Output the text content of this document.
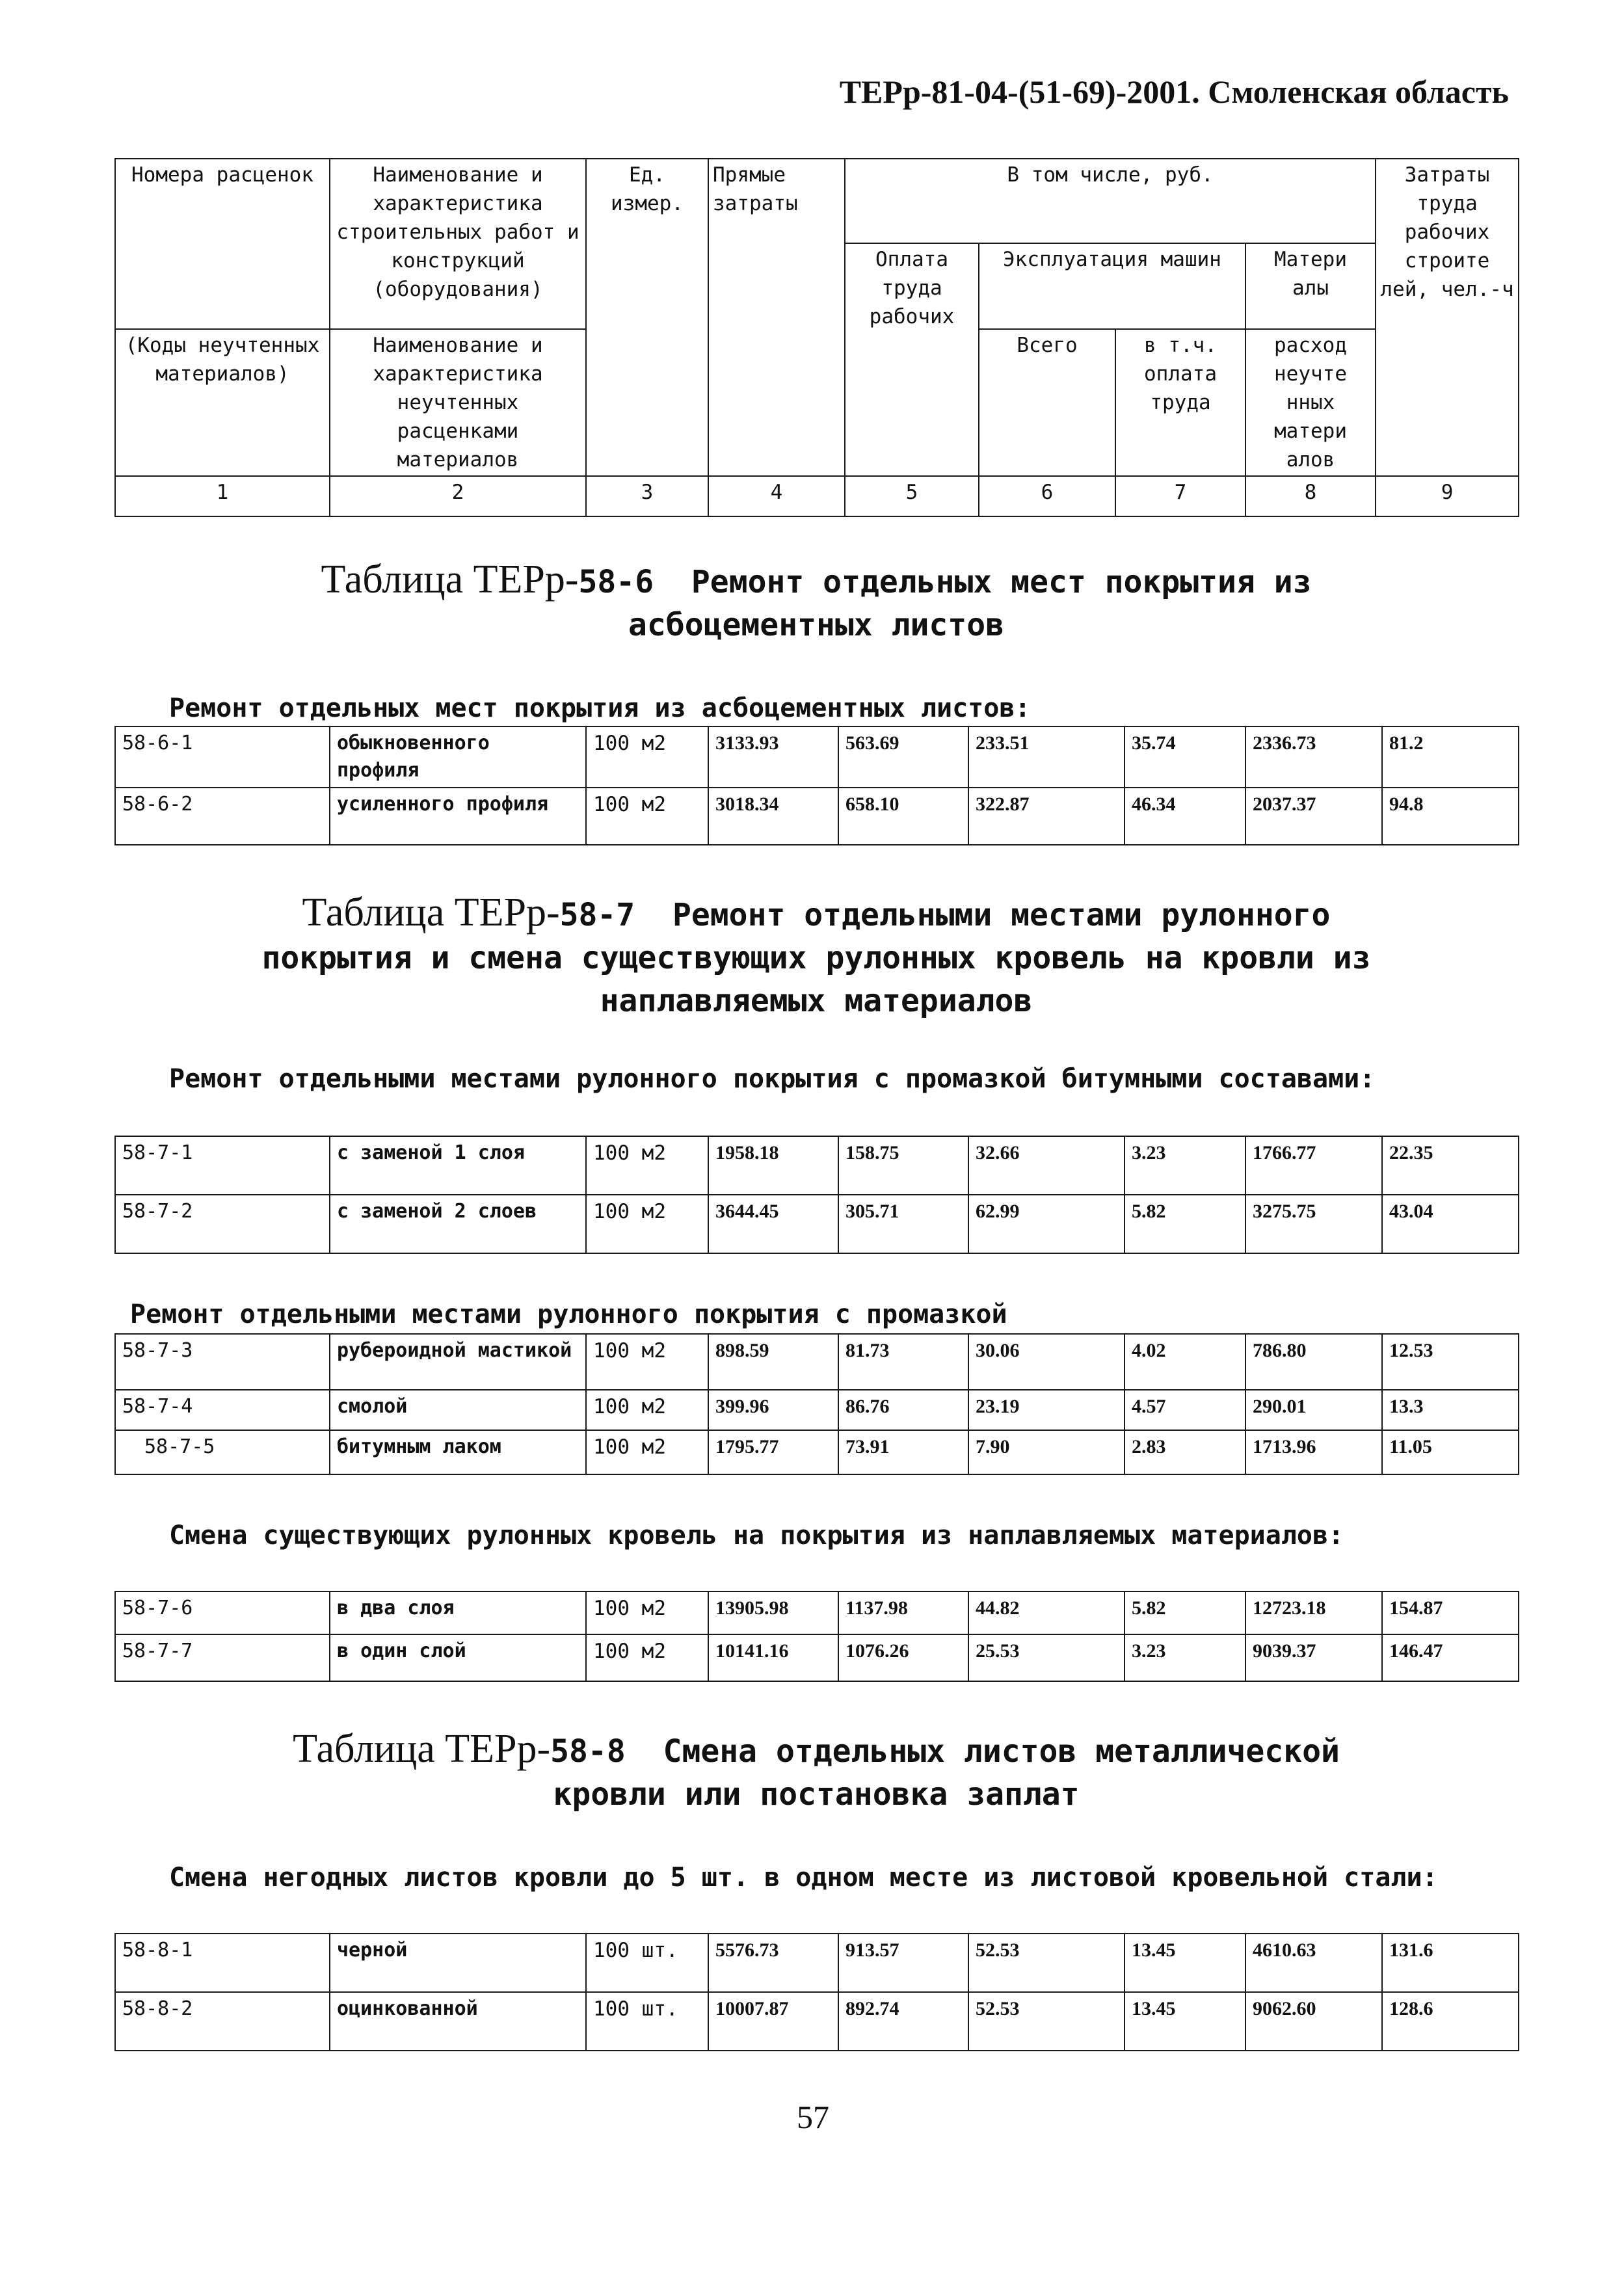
ТЕРр-81-04-(51-69)-2001. Смоленская область
Номера расценок	Наименование и характеристика строительных работ и конструкций (оборудования)	Ед. измер.	Прямые затраты	В том числе, руб.				Затраты труда рабочих строите лей, чел.-ч
				Оплата труда рабочих	Эксплуатация машин		Матери алы	
(Коды неучтенных материалов)	Наименование и характеристика неучтенных расценками материалов				Всего	в т.ч. оплата труда	расход неучте нных матери алов	
1	2	3	4	5	6	7	8	9
Таблица ТЕРр-58-6 Ремонт отдельных мест покрытия из
асбоцементных листов
Ремонт отдельных мест покрытия из асбоцементных листов:
58-6-1	обыкновенного профиля	100 м2	3133.93	563.69	233.51	35.74	2336.73	81.2
58-6-2	усиленного профиля	100 м2	3018.34	658.10	322.87	46.34	2037.37	94.8
Таблица ТЕРр-58-7 Ремонт отдельными местами рулонного
покрытия и смена существующих рулонных кровель на кровли из
наплавляемых материалов
Ремонт отдельными местами рулонного покрытия с промазкой битумными составами:
58-7-1	с заменой 1 слоя	100 м2	1958.18	158.75	32.66	3.23	1766.77	22.35
58-7-2	с заменой 2 слоев	100 м2	3644.45	305.71	62.99	5.82	3275.75	43.04
Ремонт отдельными местами рулонного покрытия с промазкой
58-7-3	рубероидной мастикой	100 м2	898.59	81.73	30.06	4.02	786.80	12.53
58-7-4	смолой	100 м2	399.96	86.76	23.19	4.57	290.01	13.3
58-7-5	битумным лаком	100 м2	1795.77	73.91	7.90	2.83	1713.96	11.05
Смена существующих рулонных кровель на покрытия из наплавляемых материалов:
58-7-6	в два слоя	100 м2	13905.98	1137.98	44.82	5.82	12723.18	154.87
58-7-7	в один слой	100 м2	10141.16	1076.26	25.53	3.23	9039.37	146.47
Таблица ТЕРр-58-8 Смена отдельных листов металлической
кровли или постановка заплат
Смена негодных листов кровли до 5 шт. в одном месте из листовой кровельной стали:
58-8-1	черной	100 шт.	5576.73	913.57	52.53	13.45	4610.63	131.6
58-8-2	оцинкованной	100 шт.	10007.87	892.74	52.53	13.45	9062.60	128.6
57
